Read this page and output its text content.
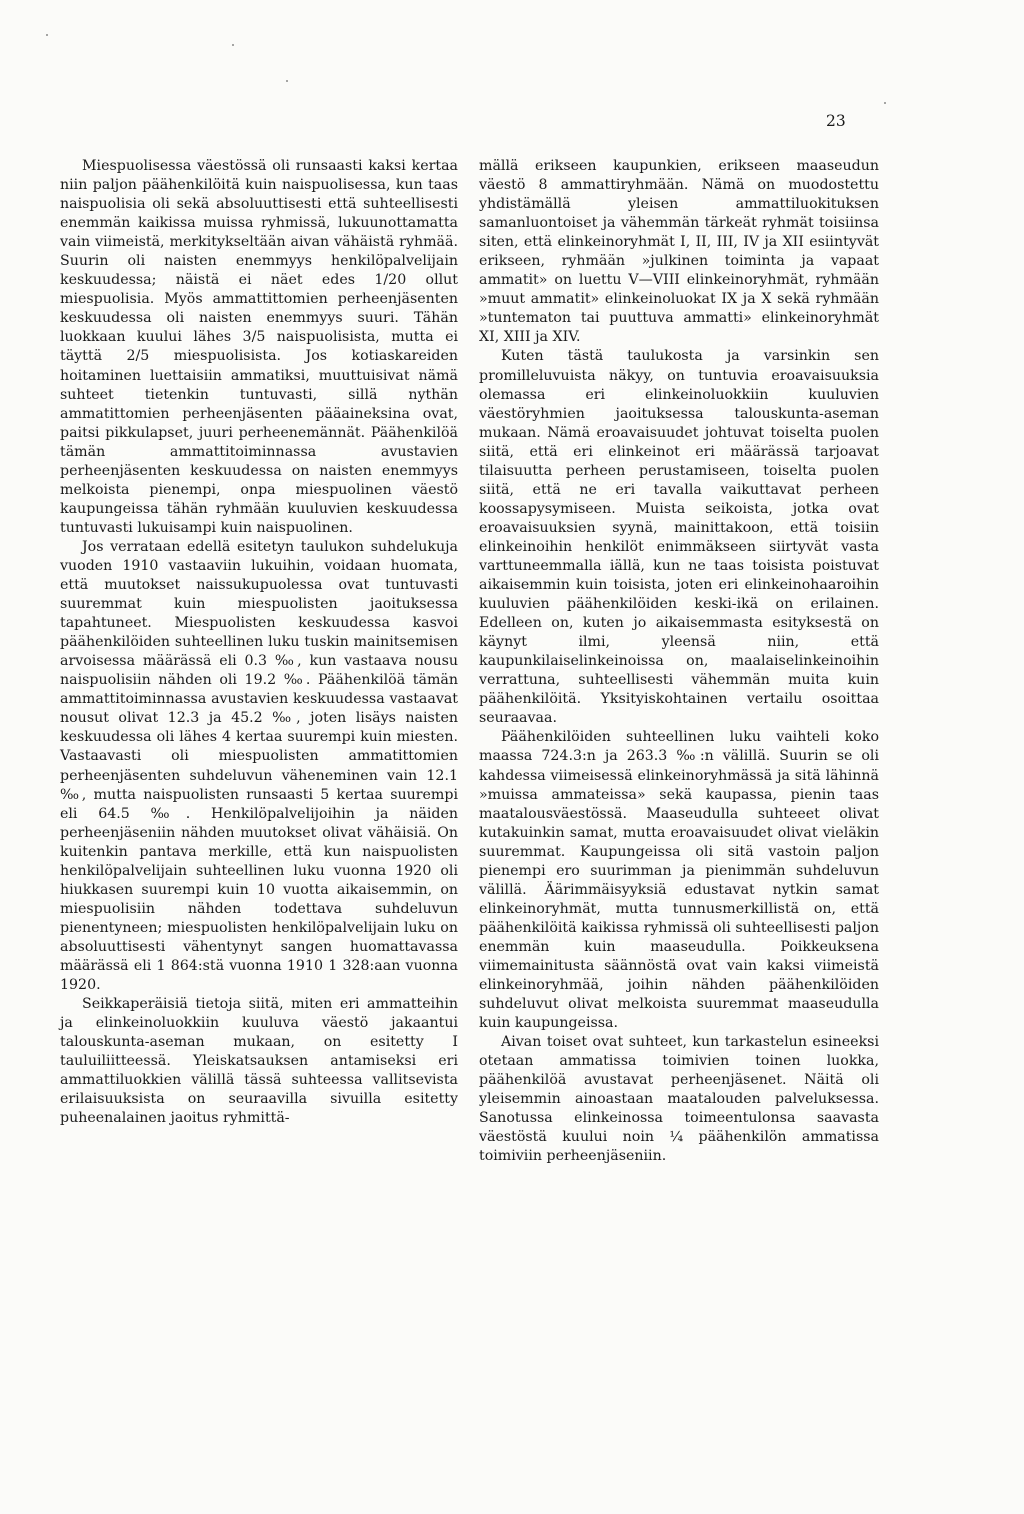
23

Miespuolisessa väestössä oli runsaasti kaksi kertaa niin paljon päähenkilöitä kuin naispuolisessa, kun taas naispuolisia oli sekä absoluuttisesti että suhteellisesti enemmän kaikissa muissa ryhmissä, lukuunottamatta vain viimeistä, merkitykseltään aivan vähäistä ryhmää. Suurin oli naisten enemmyys henkilöpalvelijain keskuudessa; näistä ei näet edes 1/20 ollut miespuolisia. Myös ammattittomien perheenjäsenten keskuudessa oli naisten enemmyys suuri. Tähän luokkaan kuului lähes 3/5 naispuolisista, mutta ei täyttä 2/5 miespuolisista. Jos kotiaskareiden hoitaminen luettaisiin ammatiksi, muuttuisivat nämä suhteet tietenkin tuntuvasti, sillä nythän ammatittomien perheenjäsenten pääaineksina ovat, paitsi pikkulapset, juuri perheenemännät. Päähenkilöä tämän ammattitoiminnassa avustavien perheenjäsenten keskuudessa on naisten enemmyys melkoista pienempi, onpa miespuolinen väestö kaupungeissa tähän ryhmään kuuluvien keskuudessa tuntuvasti lukuisampi kuin naispuolinen.

Jos verrataan edellä esitetyn taulukon suhdelukuja vuoden 1910 vastaaviin lukuihin, voidaan huomata, että muutokset naissukupuolessa ovat tuntuvasti suuremmat kuin miespuolisten jaoituksessa tapahtuneet. Miespuolisten keskuudessa kasvoi päähenkilöiden suhteellinen luku tuskin mainitsemisen arvoisessa määrässä eli 0.3 ‰, kun vastaava nousu naispuolisiin nähden oli 19.2 ‰. Päähenkilöä tämän ammattitoiminnassa avustavien keskuudessa vastaavat nousut olivat 12.3 ja 45.2 ‰, joten lisäys naisten keskuudessa oli lähes 4 kertaa suurempi kuin miesten. Vastaavasti oli miespuolisten ammatittomien perheenjäsenten suhdeluvun väheneminen vain 12.1 ‰, mutta naispuolisten runsaasti 5 kertaa suurempi eli 64.5 ‰. Henkilöpalvelijoihin ja näiden perheenjäseniin nähden muutokset olivat vähäisiä. On kuitenkin pantava merkille, että kun naispuolisten henkilöpalvelijain suhteellinen luku vuonna 1920 oli hiukkasen suurempi kuin 10 vuotta aikaisemmin, on miespuolisiin nähden todettava suhdeluvun pienentyneen; miespuolisten henkilöpalvelijain luku on absoluuttisesti vähentynyt sangen huomattavassa määrässä eli 1 864:stä vuonna 1910 1 328:aan vuonna 1920.

Seikkaperäisiä tietoja siitä, miten eri ammatteihin ja elinkeinoluokkiin kuuluva väestö jakaantui talouskunta-aseman mukaan, on esitetty I tauluiliitteessä. Yleiskatsauksen antamiseksi eri ammattiluokkien välillä tässä suhteessa vallitsevista erilaisuuksista on seuraavilla sivuilla esitetty puheenalainen jaoitus ryhmittä-

mällä erikseen kaupunkien, erikseen maaseudun väestö 8 ammattiryhmään. Nämä on muodostettu yhdistämällä yleisen ammattiluokituksen samanluontoiset ja vähemmän tärkeät ryhmät toisiinsa siten, että elinkeinoryhmät I, II, III, IV ja XII esiintyvät erikseen, ryhmään »julkinen toiminta ja vapaat ammatit» on luettu V—VIII elinkeinoryhmät, ryhmään »muut ammatit» elinkeinoluokat IX ja X sekä ryhmään »tuntematon tai puuttuva ammatti» elinkeinoryhmät XI, XIII ja XIV.

Kuten tästä taulukosta ja varsinkin sen promilleluvuista näkyy, on tuntuvia eroavaisuuksia olemassa eri elinkeinoluokkiin kuuluvien väestöryhmien jaoituksessa talouskunta-aseman mukaan. Nämä eroavaisuudet johtuvat toiselta puolen siitä, että eri elinkeinot eri määrässä tarjoavat tilaisuutta perheen perustamiseen, toiselta puolen siitä, että ne eri tavalla vaikuttavat perheen koossapysymiseen. Muista seikoista, jotka ovat eroavaisuuksien syynä, mainittakoon, että toisiin elinkeinoihin henkilöt enimmäkseen siirtyvät vasta varttuneemmalla iällä, kun ne taas toisista poistuvat aikaisemmin kuin toisista, joten eri elinkeinohaaroihin kuuluvien päähenkilöiden keski-ikä on erilainen. Edelleen on, kuten jo aikaisemmasta esityksestä on käynyt ilmi, yleensä niin, että kaupunkilaiselinkeinoissa on, maalaiselinkeinoihin verrattuna, suhteellisesti vähemmän muita kuin päähenkilöitä. Yksityiskohtainen vertailu osoittaa seuraavaa.

Päähenkilöiden suhteellinen luku vaihteli koko maassa 724.3:n ja 263.3 ‰:n välillä. Suurin se oli kahdessa viimeisessä elinkeinoryhmässä ja sitä lähinnä »muissa ammateissa» sekä kaupassa, pienin taas maatalousväestössä. Maaseudulla suhteeet olivat kutakuinkin samat, mutta eroavaisuudet olivat vieläkin suuremmat. Kaupungeissa oli sitä vastoin paljon pienempi ero suurimman ja pienimmän suhdeluvun välillä. Äärimmäisyyksiä edustavat nytkin samat elinkeinoryhmät, mutta tunnusmerkillistä on, että päähenkilöitä kaikissa ryhmissä oli suhteellisesti paljon enemmän kuin maaseudulla. Poikkeuksena viimemainitusta säännöstä ovat vain kaksi viimeistä elinkeinoryhmää, joihin nähden päähenkilöiden suhdeluvut olivat melkoista suuremmat maaseudulla kuin kaupungeissa.

Aivan toiset ovat suhteet, kun tarkastelun esineeksi otetaan ammatissa toimivien toinen luokka, päähenkilöä avustavat perheenjäsenet. Näitä oli yleisemmin ainoastaan maatalouden palveluksessa. Sanotussa elinkeinossa toimeentulonsa saavasta väestöstä kuului noin ¼ päähenkilön ammatissa toimiviin perheenjäseniin.
